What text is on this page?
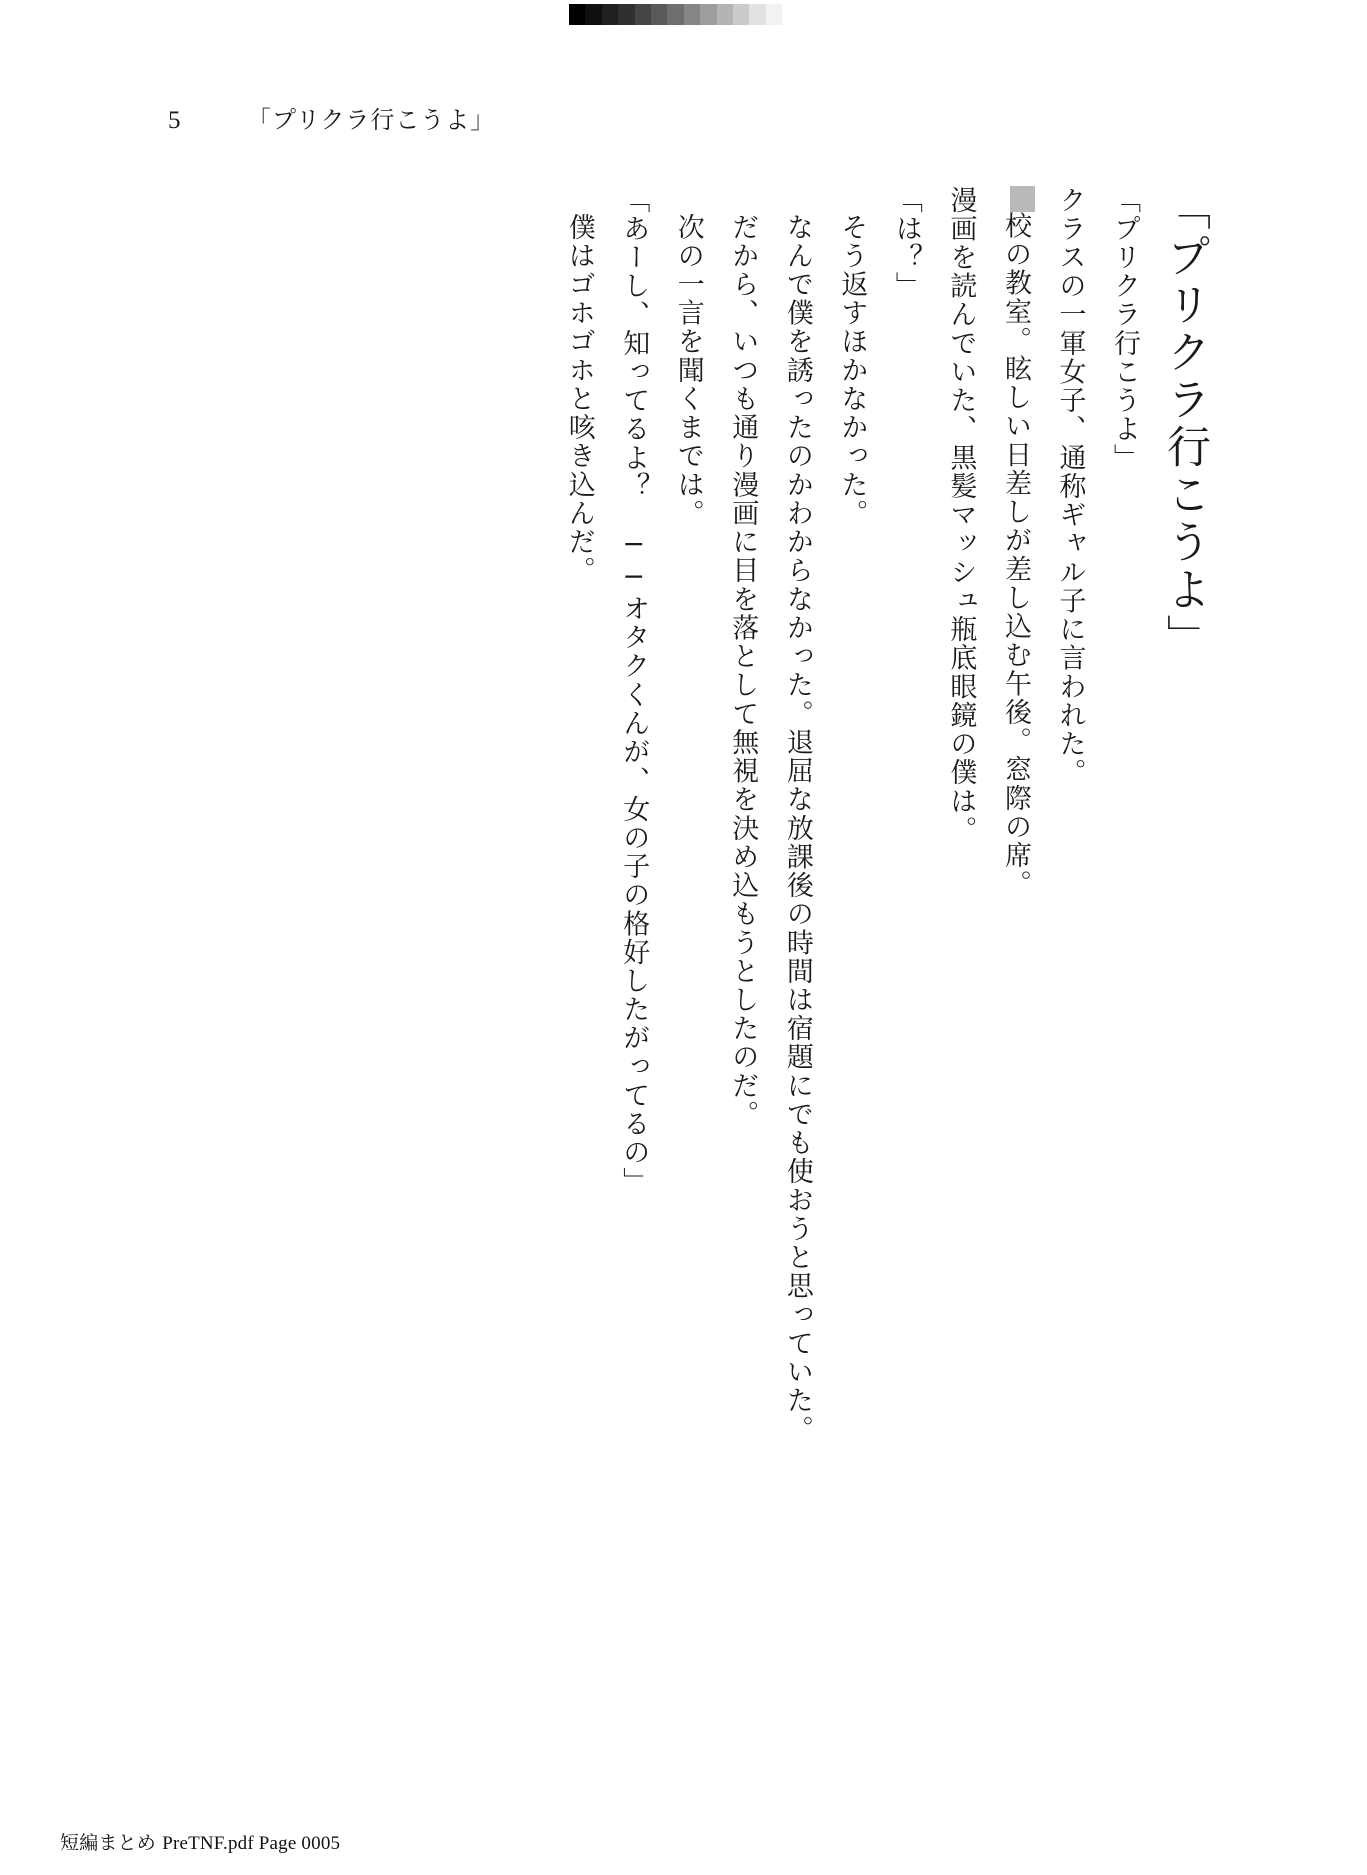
5	「プリクラ行こうよ」
「プリクラ行こうよ」

「プリクラ行こうよ」

クラスの一軍女子、通称ギャル子に言われた。

校の教室。眩しい日差しが差し込む午後。窓際の席。

漫画を読んでいた、黒髪マッシュ瓶底眼鏡の僕は。

「は？」

そう返すほかなかった。

なんで僕を誘ったのかわからなかった。退屈な放課後の時間は宿題にでも使おうと思っていた。

だから、いつも通り漫画に目を落として無視を決め込もうとしたのだ。

次の一言を聞くまでは。

「あーし、知ってるよ？　──オタクくんが、女の子の格好したがってるの」

僕はゴホゴホと咳き込んだ。

短編まとめ PreTNF.pdf Page 0005
